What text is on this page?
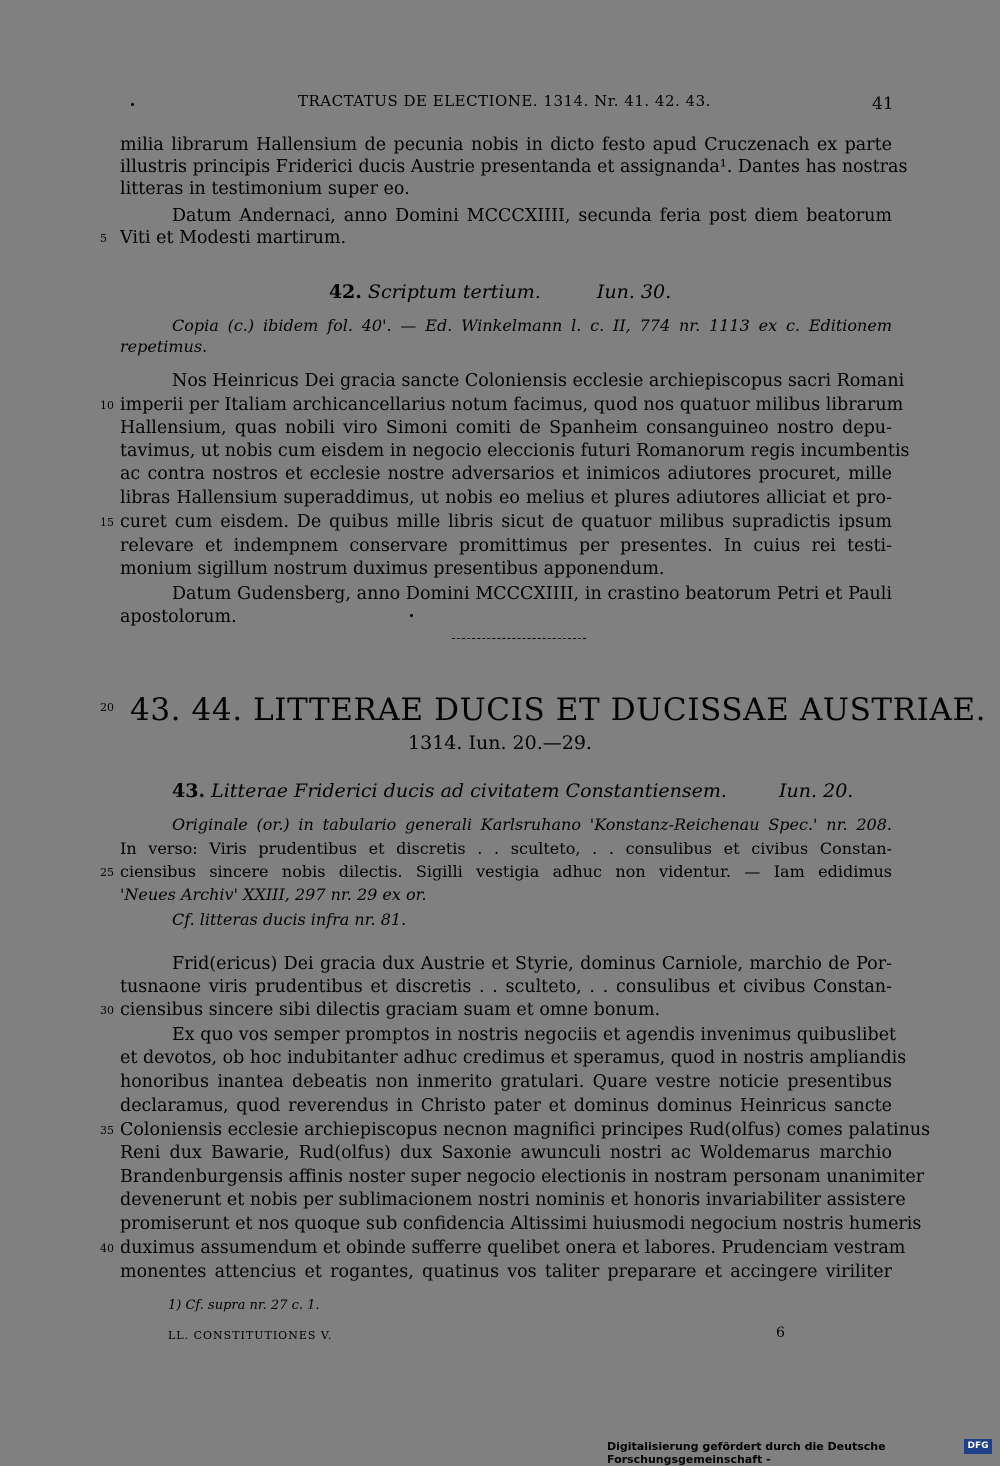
TRACTATUS DE ELECTIONE. 1314. Nr. 41. 42. 43.	41
milia librarum Hallensium de pecunia nobis in dicto festo apud Cruczenach ex parte
illustris principis Friderici ducis Austrie presentanda et assignanda¹. Dantes has nostras
litteras in testimonium super eo.
Datum Andernaci, anno Domini MCCCXIIII, secunda feria post diem beatorum
Viti et Modesti martirum.
5
42. Scriptum tertium.	Iun. 30.
Copia (c.) ibidem fol. 40'. — Ed. Winkelmann l. c. II, 774 nr. 1113 ex c. Editionem
repetimus.
Nos Heinricus Dei gracia sancte Coloniensis ecclesie archiepiscopus sacri Romani
imperii per Italiam archicancellarius notum facimus, quod nos quatuor milibus librarum
10
Hallensium, quas nobili viro Simoni comiti de Spanheim consanguineo nostro depu-
tavimus, ut nobis cum eisdem in negocio eleccionis futuri Romanorum regis incumbentis
ac contra nostros et ecclesie nostre adversarios et inimicos adiutores procuret, mille
libras Hallensium superaddimus, ut nobis eo melius et plures adiutores alliciat et pro-
curet cum eisdem. De quibus mille libris sicut de quatuor milibus supradictis ipsum
15
relevare et indempnem conservare promittimus per presentes. In cuius rei testi-
monium sigillum nostrum duximus presentibus apponendum.
Datum Gudensberg, anno Domini MCCCXIIII, in crastino beatorum Petri et Pauli
apostolorum.
20 43. 44. LITTERAE DUCIS ET DUCISSAE AUSTRIAE.
1314. Iun. 20.—29.
43. Litterae Friderici ducis ad civitatem Constantiensem.	Iun. 20.
Originale (or.) in tabulario generali Karlsruhano 'Konstanz-Reichenau Spec.' nr. 208.
In verso: Viris prudentibus et discretis . . sculteto, . . consulibus et civibus Constan-
ciensibus sincere nobis dilectis. Sigilli vestigia adhuc non videntur. — Iam edidimus
25
'Neues Archiv' XXIII, 297 nr. 29 ex or.
Cf. litteras ducis infra nr. 81.
Frid(ericus) Dei gracia dux Austrie et Styrie, dominus Carniole, marchio de Por-
tusnaone viris prudentibus et discretis . . sculteto, . . consulibus et civibus Constan-
ciensibus sincere sibi dilectis graciam suam et omne bonum.
30
Ex quo vos semper promptos in nostris negociis et agendis invenimus quibuslibet
et devotos, ob hoc indubitanter adhuc credimus et speramus, quod in nostris ampliandis
honoribus inantea debeatis non inmerito gratulari. Quare vestre noticie presentibus
declaramus, quod reverendus in Christo pater et dominus dominus Heinricus sancte
Coloniensis ecclesie archiepiscopus necnon magnifici principes Rud(olfus) comes palatinus
35
Reni dux Bawarie, Rud(olfus) dux Saxonie awunculi nostri ac Woldemarus marchio
Brandenburgensis affinis noster super negocio electionis in nostram personam unanimiter
devenerunt et nobis per sublimacionem nostri nominis et honoris invariabiliter assistere
promiserunt et nos quoque sub confidencia Altissimi huiusmodi negocium nostris humeris
duximus assumendum et obinde sufferre quelibet onera et labores. Prudenciam vestram
40
monentes attencius et rogantes, quatinus vos taliter preparare et accingere viriliter
1) Cf. supra nr. 27 c. 1.
LL. CONSTITUTIONES V.	6
Digitalisierung gefördert durch die Deutsche Forschungsgemeinschaft -
DFG
